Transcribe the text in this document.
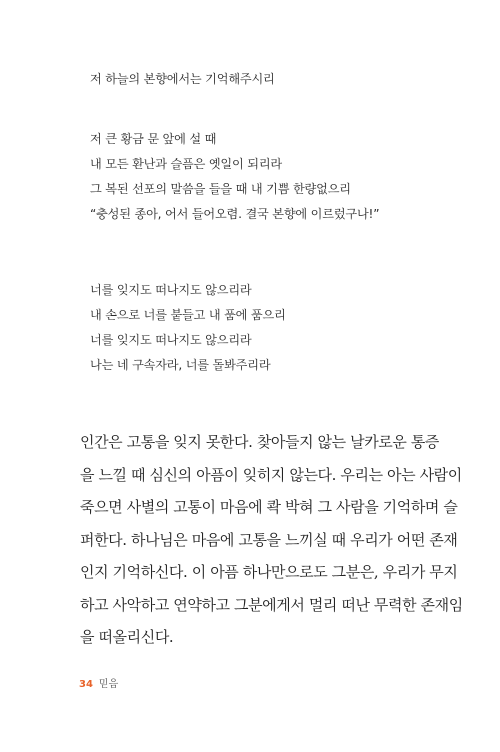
저 하늘의 본향에서는 기억해주시리
저 큰 황금 문 앞에 설 때
내 모든 환난과 슬픔은 옛일이 되리라
그 복된 선포의 말씀을 들을 때 내 기쁨 한량없으리
“충성된 종아, 어서 들어오렴. 결국 본향에 이르렀구나!”
너를 잊지도 떠나지도 않으리라
내 손으로 너를 붙들고 내 품에 품으리
너를 잊지도 떠나지도 않으리라
나는 네 구속자라, 너를 돌봐주리라
인간은 고통을 잊지 못한다. 찾아들지 않는 날카로운 통증
을 느낄 때 심신의 아픔이 잊히지 않는다. 우리는 아는 사람이
죽으면 사별의 고통이 마음에 콱 박혀 그 사람을 기억하며 슬
퍼한다. 하나님은 마음에 고통을 느끼실 때 우리가 어떤 존재
인지 기억하신다. 이 아픔 하나만으로도 그분은, 우리가 무지
하고 사악하고 연약하고 그분에게서 멀리 떠난 무력한 존재임
을 떠올리신다.
34 믿음
